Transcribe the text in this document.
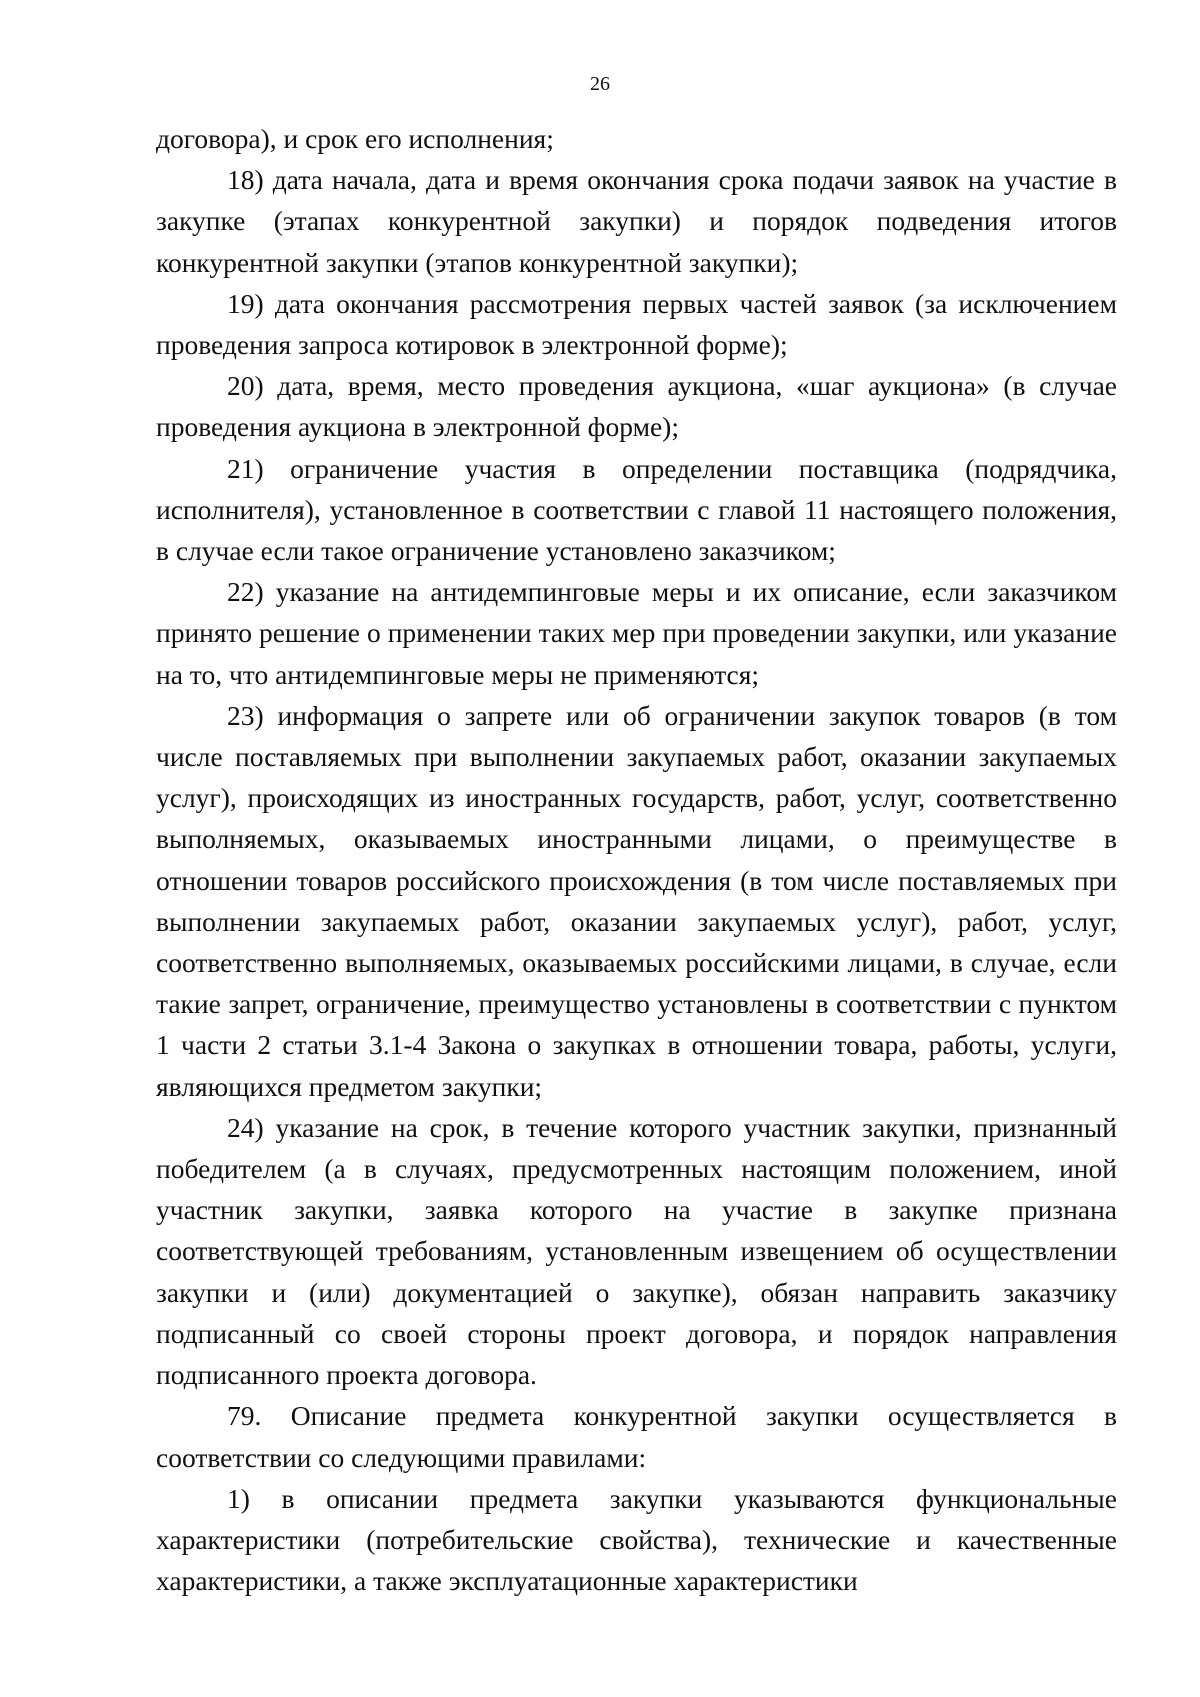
26

договора), и срок его исполнения;

18) дата начала, дата и время окончания срока подачи заявок на участие в закупке (этапах конкурентной закупки) и порядок подведения итогов конкурентной закупки (этапов конкурентной закупки);

19) дата окончания рассмотрения первых частей заявок (за исключением проведения запроса котировок в электронной форме);

20) дата, время, место проведения аукциона, «шаг аукциона» (в случае проведения аукциона в электронной форме);

21) ограничение участия в определении поставщика (подрядчика, исполнителя), установленное в соответствии с главой 11 настоящего положения, в случае если такое ограничение установлено заказчиком;

22) указание на антидемпинговые меры и их описание, если заказчиком принято решение о применении таких мер при проведении закупки, или указание на то, что антидемпинговые меры не применяются;

23) информация о запрете или об ограничении закупок товаров (в том числе поставляемых при выполнении закупаемых работ, оказании закупаемых услуг), происходящих из иностранных государств, работ, услуг, соответственно выполняемых, оказываемых иностранными лицами, о преимуществе в отношении товаров российского происхождения (в том числе поставляемых при выполнении закупаемых работ, оказании закупаемых услуг), работ, услуг, соответственно выполняемых, оказываемых российскими лицами, в случае, если такие запрет, ограничение, преимущество установлены в соответствии с пунктом 1 части 2 статьи 3.1-4 Закона о закупках в отношении товара, работы, услуги, являющихся предметом закупки;

24) указание на срок, в течение которого участник закупки, признанный победителем (а в случаях, предусмотренных настоящим положением, иной участник закупки, заявка которого на участие в закупке признана соответствующей требованиям, установленным извещением об осуществлении закупки и (или) документацией о закупке), обязан направить заказчику подписанный со своей стороны проект договора, и порядок направления подписанного проекта договора.

79. Описание предмета конкурентной закупки осуществляется в соответствии со следующими правилами:

1) в описании предмета закупки указываются функциональные характеристики (потребительские свойства), технические и качественные характеристики, а также эксплуатационные характеристики
